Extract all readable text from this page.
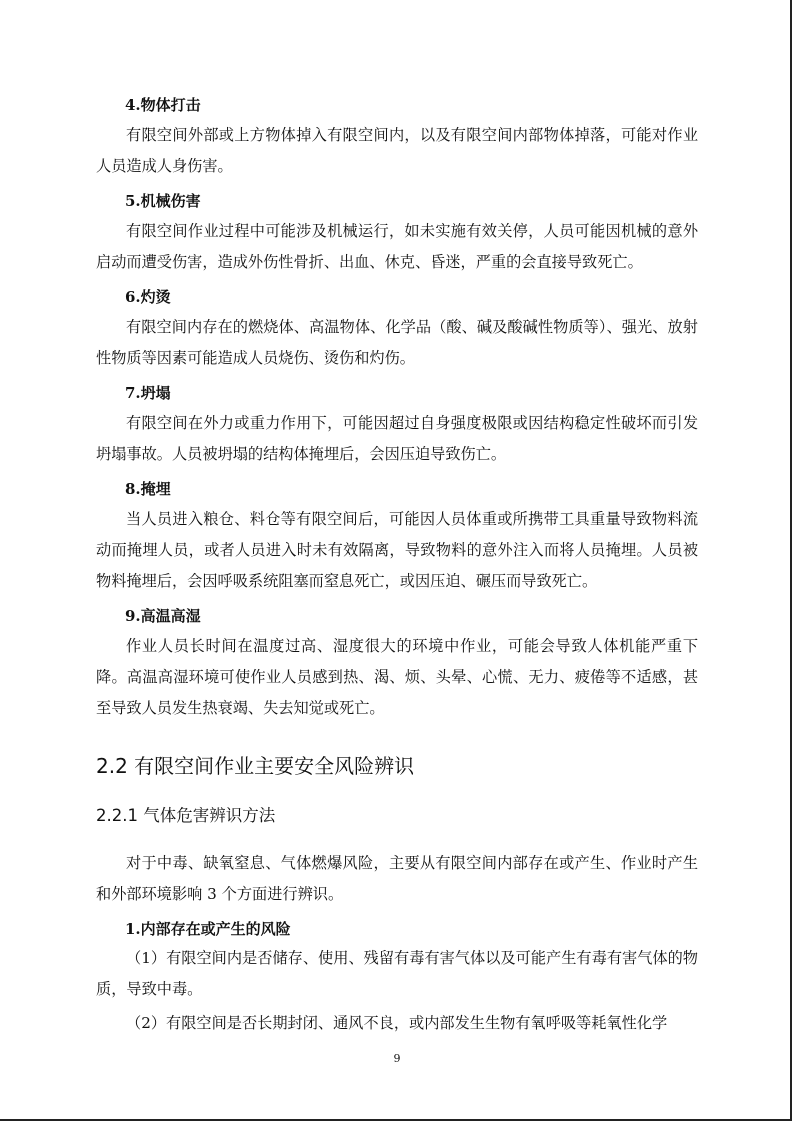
4.物体打击
有限空间外部或上方物体掉入有限空间内，以及有限空间内部物体掉落，可能对作业人员造成人身伤害。
5.机械伤害
有限空间作业过程中可能涉及机械运行，如未实施有效关停，人员可能因机械的意外启动而遭受伤害，造成外伤性骨折、出血、休克、昏迷，严重的会直接导致死亡。
6.灼烫
有限空间内存在的燃烧体、高温物体、化学品（酸、碱及酸碱性物质等）、强光、放射性物质等因素可能造成人员烧伤、烫伤和灼伤。
7.坍塌
有限空间在外力或重力作用下，可能因超过自身强度极限或因结构稳定性破坏而引发坍塌事故。人员被坍塌的结构体掩埋后，会因压迫导致伤亡。
8.掩埋
当人员进入粮仓、料仓等有限空间后，可能因人员体重或所携带工具重量导致物料流动而掩埋人员，或者人员进入时未有效隔离，导致物料的意外注入而将人员掩埋。人员被物料掩埋后，会因呼吸系统阻塞而窒息死亡，或因压迫、碾压而导致死亡。
9.高温高湿
作业人员长时间在温度过高、湿度很大的环境中作业，可能会导致人体机能严重下降。高温高湿环境可使作业人员感到热、渴、烦、头晕、心慌、无力、疲倦等不适感，甚至导致人员发生热衰竭、失去知觉或死亡。
2.2 有限空间作业主要安全风险辨识
2.2.1 气体危害辨识方法
对于中毒、缺氧窒息、气体燃爆风险，主要从有限空间内部存在或产生、作业时产生和外部环境影响 3 个方面进行辨识。
1.内部存在或产生的风险
（1）有限空间内是否储存、使用、残留有毒有害气体以及可能产生有毒有害气体的物质，导致中毒。
（2）有限空间是否长期封闭、通风不良，或内部发生生物有氧呼吸等耗氧性化学
9
